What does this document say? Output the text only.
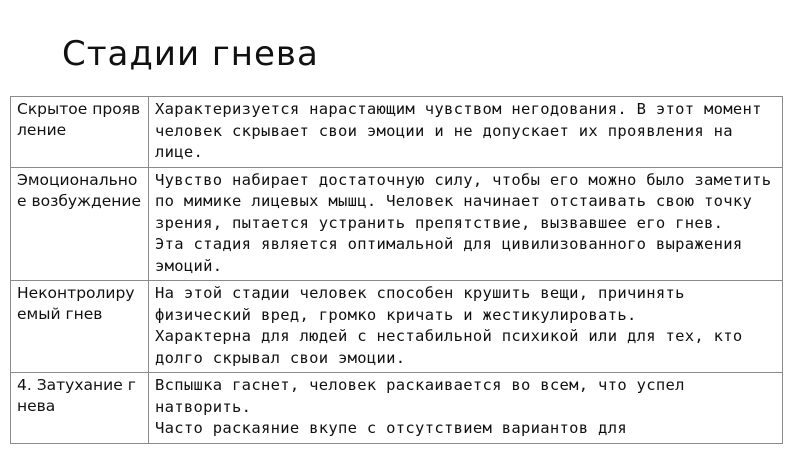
Стадии гнева
Скрытое проявление	Характеризуется нарастающим чувством негодования. В этот момент человек скрывает свои эмоции и не допускает их проявления на лице.

Эмоциональное возбуждение	Чувство набирает достаточную силу, чтобы его можно было заметить по мимике лицевых мышц. Человек начинает отстаивать свою точку зрения, пытается устранить препятствие, вызвавшее его гнев.

Эта стадия является оптимальной для цивилизованного выражения эмоций.

Неконтролируемый гнев	На этой стадии человек способен крушить вещи, причинять физический вред, громко кричать и жестикулировать.

Характерна для людей с нестабильной психикой или для тех, кто долго скрывал свои эмоции.

4. Затухание гнева	Вспышка гаснет, человек раскаивается во всем, что успел натворить.

Часто раскаяние вкупе с отсутствием вариантов для
